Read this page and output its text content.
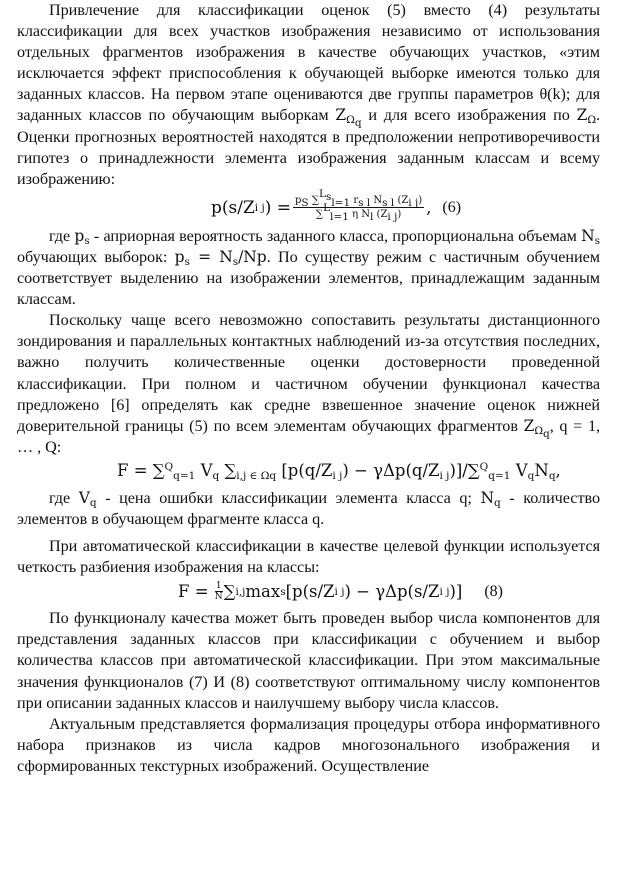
Привлечение для классификации оценок (5) вместо (4) результаты классификации для всех участков изображения независимо от использования отдельных фрагментов изображения в качестве обучающих участков, «этим исключается эффект приспособления к обучающей выборке имеются только для заданных классов. На первом этапе оцениваются две группы параметров θ(k); для заданных классов по обучающим выборкам $Z_{\Omega_q}$ и для всего изображения по $Z_\Omega$. Оценки прогнозных вероятностей находятся в предположении непротиворечивости гипотез о принадлежности элемента изображения заданным классам и всему изображению:

p(s/Z i j ) = $\frac{p_S \sum^{L_s}_{l=1} r_{s l} N_{s l} (Z_{i j})}{\sum^L_{l=1} \eta N_l (Z_{i j})}$ ,
(6)

где $p_s$ - априорная вероятность заданного класса, пропорциональна объемам $N_s$ обучающих выборок: $p_s = N_s/Np$. По существу режим с частичным обучением соответствует выделению на изображении элементов, принадлежащим заданным классам.

Поскольку чаще всего невозможно сопоставить результаты дистанционного зондирования и параллельных контактных наблюдений из-за отсутствия последних, важно получить количественные оценки достоверности проведенной классификации. При полном и частичном обучении функционал качества предложено [6] определять как средне взвешенное значение оценок нижней доверительной границы (5) по всем элементам обучающих фрагментов $Z_{\Omega_q}$, q = 1, … , Q:

F = ∑$^Q_{q=1}$ $V_q$ $\sum_{i,j \in \Omega q}$ $[p(q/Z_{i j}) - \gamma\Delta p(q/Z_{i j})]/\sum^Q_{q=1}$ $V_qN_q$,

где $V_q$ - цена ошибки классификации элемента класса q; $N_q$ - количество элементов в обучающем фрагменте класса q.

При автоматической классификации в качестве целевой функции используется четкость разбиения изображения на классы:

F =
$\frac{1}{N}$ ∑ i,j max s [p(s/Z i j ) − γΔp(s/Z i j )] (8)

По функционалу качества может быть проведен выбор числа компонентов для представления заданных классов при классификации с обучением и выбор количества классов при автоматической классификации. При этом максимальные значения функционалов (7) И (8) соответствуют оптимальному числу компонентов при описании заданных классов и наилучшему выбору числа классов.

Актуальным представляется формализация процедуры отбора информативного набора признаков из числа кадров многозонального изображения и сформированных текстурных изображений. Осуществление
